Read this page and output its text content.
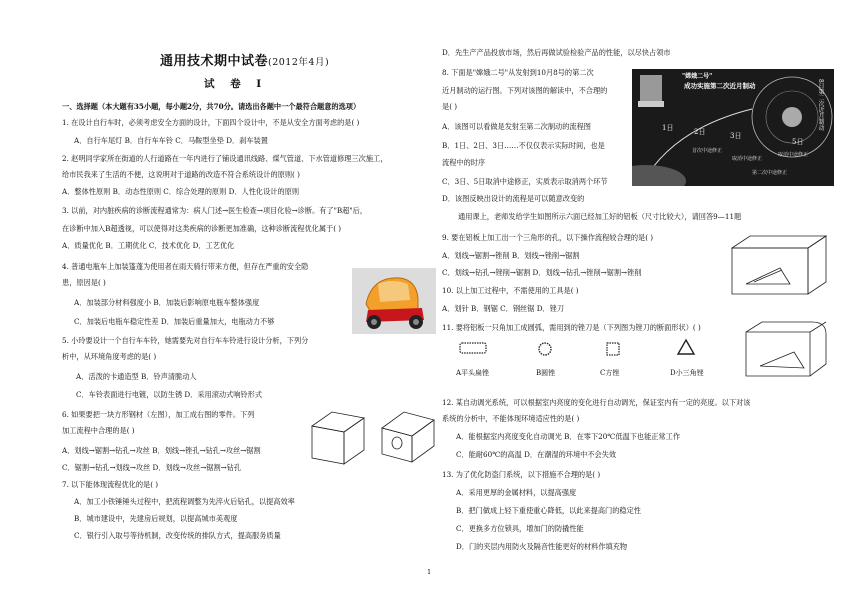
通用技术期中试卷(2012年4月)
试 卷 Ⅰ
一、选择题（本大题有35小题，每小题2分，共70分。请选出各题中一个最符合题意的选项）
1. 在设计自行车时，必须考虑安全方面的设计，下面四个设计中，不是从安全方面考虑的是( )
A．自行车尾灯 B．自行车车铃 C．马鞍型坐垫 D．刹车装置
2. 赵明同学家所在街道的人行道路在一年内进行了铺设通讯线路、煤气管道、下水管道修理三次施工，
给市民我来了生活的不便，这说明对于道路的改造不符合系统设计的原则( )
A．整体性原则 B．动态性原则 C．综合处理的原则 D．人性化设计的原则
3. 以前，对内脏疾病的诊断流程通常为：病人门述→医生检查→项目化验→诊断。有了"B超"后，
在诊断中加入B超透视，可以使得对这类疾病的诊断更加准确，这种诊断流程优化属于( )
A．质量优化 B．工期优化 C．技术优化 D．工艺优化
4. 普通电瓶车上加装篷蓬为使用者在雨天骑行带来方便，但存在严重的安全隐
患，原因是( )
A．加装部分材料强度小 B．加装后影响原电瓶车整体强度
C．加装后电瓶车稳定性差 D．加装后重量加大，电瓶动力不够
5. 小玲要设计一个自行车车铃，她需要先对自行车车铃进行设计分析，下列分
析中，从环境角度考虑的是( )
A．活泼的卡通造型 B．铃声清脆动人
C．车铃表面进行电镀，以防生锈 D．采用滚动式响铃形式
6. 如果要把一块方形钢材（左图），加工成右图的零件。下列
加工流程中合理的是( )
A．划线→锯割→钻孔→攻丝 B．划线→锉孔→钻孔→攻丝→锯割
C．锯割→钻孔→划线→攻丝 D．划线→攻丝→锯割→钻孔
7. 以下能体现流程优化的是( )
A．加工小铁锤锤头过程中，把流程调整为先淬火后钻孔，以提高效率
B．城市建设中，先建房后规划，以提高城市美观度
C．银行引入取号等待机制，改变传统的排队方式，提高服务质量
D．先生产产品投放市场，然后再做试验检验产品的性能，以尽快占领市
8. 下面是"嫦娥二号"从发射到10月8号的第二次
近月制动的运行图。下列对该图的解读中，不合理的
是( )
A．该图可以看做是发射至第二次制动的流程图
B．1日、2日、3日……不仅仅表示实际时间，也是
流程中的时序
C．3日、5日取消中途修正，实质表示取消两个环节
D．该图反映出设计的流程是可以随意改变的
通用课上，老师发给学生如图所示六面已经加工好的铝板（尺寸比较大），请回答9—11题
9. 要在铝板上加工出一个三角形的孔，以下操作流程较合理的是( )
A．划线→锯割→锉削 B．划线→锉削→锯割
C．划线→钻孔→锉削→锯割 D．划线→钻孔→锉削→锯割→锉削
10. 以上加工过程中，不需使用的工具是( )
A．划针 B．钢锯 C．钢丝锯 D．锉刀
11. 要将铝板一只角加工成圆弧，需用到的锉刀是（下列图为锉刀的断面形状）( )
12. 某自动调光系统，可以根据室内亮度的变化进行自动调光，保证室内有一定的亮度。以下对该
系统的分析中，不能体现环境适应性的是( )
A．能根据室内亮度变化自动调光 B．在零下20℃低温下也能正常工作
C．能耐60℃的高温 D．在潮湿的环境中不会失效
13. 为了优化防盗门系统，以下措施不合理的是( )
A．采用更厚的金属材料，以提高强度
B．把门做成上轻下重使重心降低，以此来提高门的稳定性
C．更换多方位锁具，增加门的防撬性能
D．门的夹层内用防火及隔音性能更好的材料作填充物
"嫦娥二号"
成功实施第二次近月制动
1日	2日	3日
5日
首次中途修正
取消中途修正
第二次中途修正
取消中途修正
8日第二次近月制动
A平头扁锉	B圆锉	C方锉	D小三角锉
1
